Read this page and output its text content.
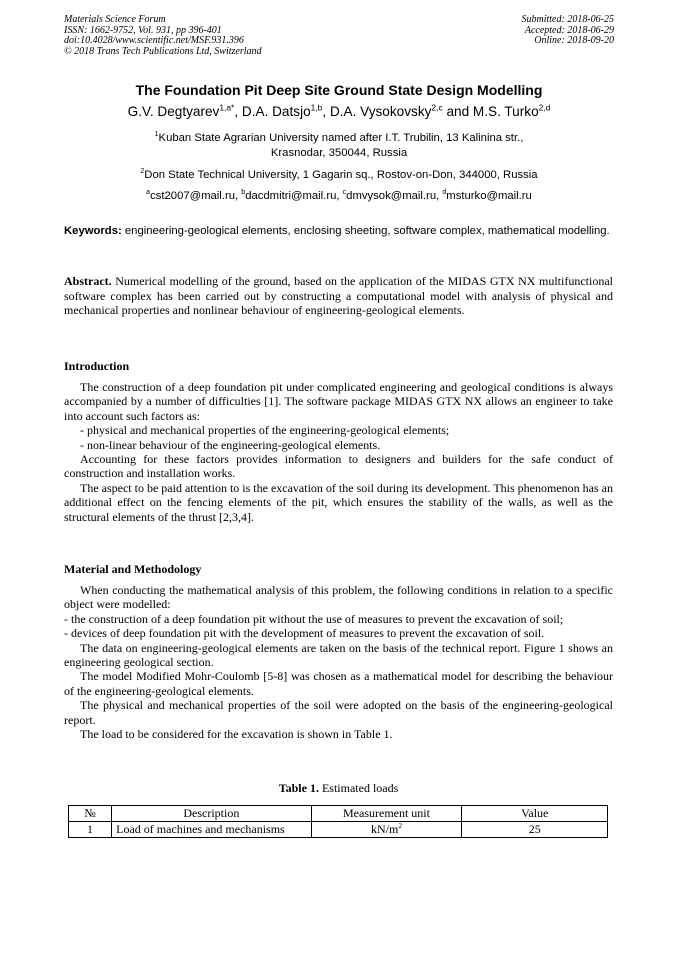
Materials Science Forum
ISSN: 1662-9752, Vol. 931, pp 396-401
doi:10.4028/www.scientific.net/MSF.931.396
© 2018 Trans Tech Publications Ltd, Switzerland
Submitted: 2018-06-25
Accepted: 2018-06-29
Online: 2018-09-20
The Foundation Pit Deep Site Ground State Design Modelling
G.V. Degtyarev$^{1,a*}$, D.A. Datsjo$^{1,b}$, D.A. Vysokovsky$^{2,c}$ and M.S. Turko$^{2,d}$
$^1$Kuban State Agrarian University named after I.T. Trubilin, 13 Kalinina str.,
Krasnodar, 350044, Russia
$^2$Don State Technical University, 1 Gagarin sq., Rostov-on-Don, 344000, Russia
$^a$cst2007@mail.ru, $^b$dacdmitri@mail.ru, $^c$dmvysok@mail.ru, $^d$msturko@mail.ru
Keywords: engineering-geological elements, enclosing sheeting, software complex, mathematical modelling.
Abstract. Numerical modelling of the ground, based on the application of the MIDAS GTX NX multifunctional software complex has been carried out by constructing a computational model with analysis of physical and mechanical properties and nonlinear behaviour of engineering-geological elements.
Introduction

The construction of a deep foundation pit under complicated engineering and geological conditions is always accompanied by a number of difficulties [1]. The software package MIDAS GTX NX allows an engineer to take into account such factors as:

- physical and mechanical properties of the engineering-geological elements;

- non-linear behaviour of the engineering-geological elements.

Accounting for these factors provides information to designers and builders for the safe conduct of construction and installation works.

The aspect to be paid attention to is the excavation of the soil during its development. This phenomenon has an additional effect on the fencing elements of the pit, which ensures the stability of the walls, as well as the structural elements of the thrust [2,3,4].

Material and Methodology

When conducting the mathematical analysis of this problem, the following conditions in relation to a specific object were modelled:

- the construction of a deep foundation pit without the use of measures to prevent the excavation of soil;

- devices of deep foundation pit with the development of measures to prevent the excavation of soil.

The data on engineering-geological elements are taken on the basis of the technical report. Figure 1 shows an engineering geological section.

The model Modified Mohr-Coulomb [5-8] was chosen as a mathematical model for describing the behaviour of the engineering-geological elements.

The physical and mechanical properties of the soil were adopted on the basis of the engineering-geological report.

The load to be considered for the excavation is shown in Table 1.

Table 1. Estimated loads
№	Description	Measurement unit	Value
1	Load of machines and mechanisms	$kN/m^2$	25
